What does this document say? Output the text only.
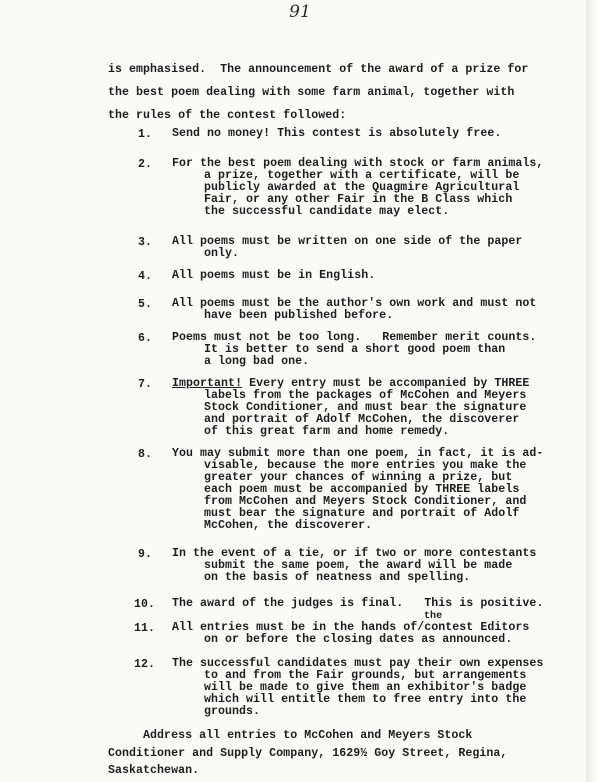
91
is emphasised.  The announcement of the award of a prize for
the best poem dealing with some farm animal, together with
the rules of the contest followed:
1.	Send no money! This contest is absolutely free.
2.	For the best poem dealing with stock or farm animals,
a prize, together with a certificate, will be
publicly awarded at the Quagmire Agricultural
Fair, or any other Fair in the B Class which
the successful candidate may elect.
3.	All poems must be written on one side of the paper
only.
4.	All poems must be in English.
5.	All poems must be the author's own work and must not
have been published before.
6.	Poems must not be too long.   Remember merit counts.
It is better to send a short good poem than
a long bad one.
7.	Important! Every entry must be accompanied by THREE
labels from the packages of McCohen and Meyers
Stock Conditioner, and must bear the signature
and portrait of Adolf McCohen, the discoverer
of this great farm and home remedy.
8.	You may submit more than one poem, in fact, it is ad-
visable, because the more entries you make the
greater your chances of winning a prize, but
each poem must be accompanied by THREE labels
from McCohen and Meyers Stock Conditioner, and
must bear the signature and portrait of Adolf
McCohen, the discoverer.
9.	In the event of a tie, or if two or more contestants
submit the same poem, the award will be made
on the basis of neatness and spelling.
10.	The award of the judges is final.   This is positive.
the
11.	All entries must be in the hands of/contest Editors
on or before the closing dates as announced.
12.	The successful candidates must pay their own expenses
to and from the Fair grounds, but arrangements
will be made to give them an exhibitor's badge
which will entitle them to free entry into the
grounds.
Address all entries to McCohen and Meyers Stock
Conditioner and Supply Company, 1629½ Goy Street, Regina,
Saskatchewan.
